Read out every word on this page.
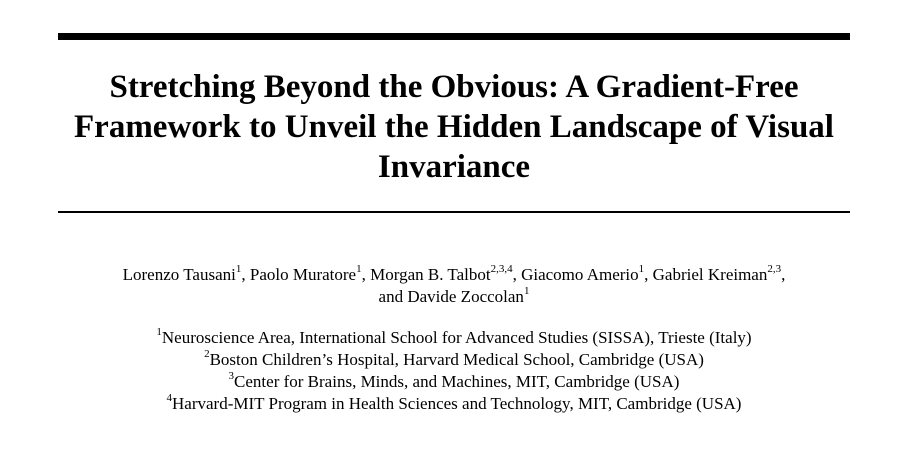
Stretching Beyond the Obvious: A Gradient-Free
Framework to Unveil the Hidden Landscape of Visual
Invariance
Lorenzo Tausani$^1$, Paolo Muratore$^1$, Morgan B. Talbot$^{2,3,4}$, Giacomo Amerio$^1$, Gabriel Kreiman$^{2,3}$,
and Davide Zoccolan$^1$
$^1$Neuroscience Area, International School for Advanced Studies (SISSA), Trieste (Italy)
$^2$Boston Children’s Hospital, Harvard Medical School, Cambridge (USA)
$^3$Center for Brains, Minds, and Machines, MIT, Cambridge (USA)
$^4$Harvard-MIT Program in Health Sciences and Technology, MIT, Cambridge (USA)
